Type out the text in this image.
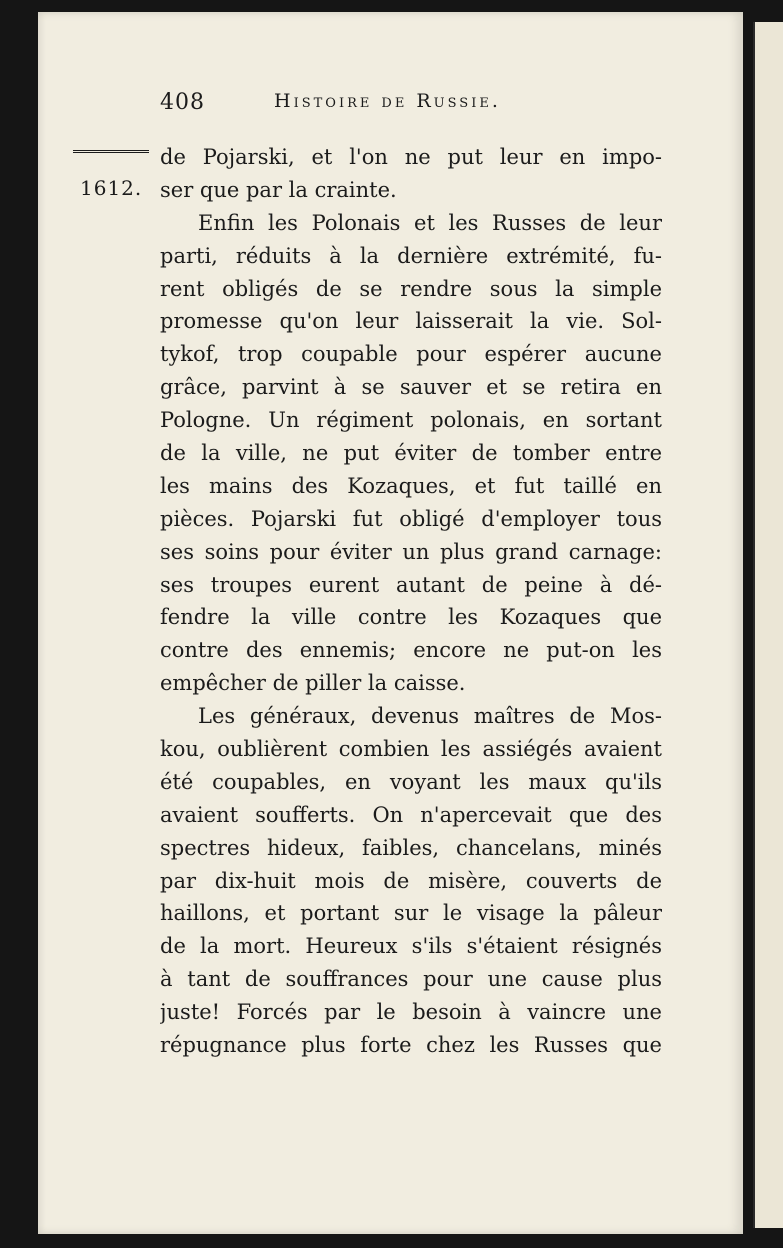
408	Histoire de Russie.
1612.
de Pojarski, et l'on ne put leur en impo-
ser que par la crainte.
Enfin les Polonais et les Russes de leur
parti, réduits à la dernière extrémité, fu-
rent obligés de se rendre sous la simple
promesse qu'on leur laisserait la vie. Sol-
tykof, trop coupable pour espérer aucune
grâce, parvint à se sauver et se retira en
Pologne. Un régiment polonais, en sortant
de la ville, ne put éviter de tomber entre
les mains des Kozaques, et fut taillé en
pièces. Pojarski fut obligé d'employer tous
ses soins pour éviter un plus grand carnage:
ses troupes eurent autant de peine à dé-
fendre la ville contre les Kozaques que
contre des ennemis; encore ne put-on les
empêcher de piller la caisse.
Les généraux, devenus maîtres de Mos-
kou, oublièrent combien les assiégés avaient
été coupables, en voyant les maux qu'ils
avaient soufferts. On n'apercevait que des
spectres hideux, faibles, chancelans, minés
par dix-huit mois de misère, couverts de
haillons, et portant sur le visage la pâleur
de la mort. Heureux s'ils s'étaient résignés
à tant de souffrances pour une cause plus
juste! Forcés par le besoin à vaincre une
répugnance plus forte chez les Russes que
